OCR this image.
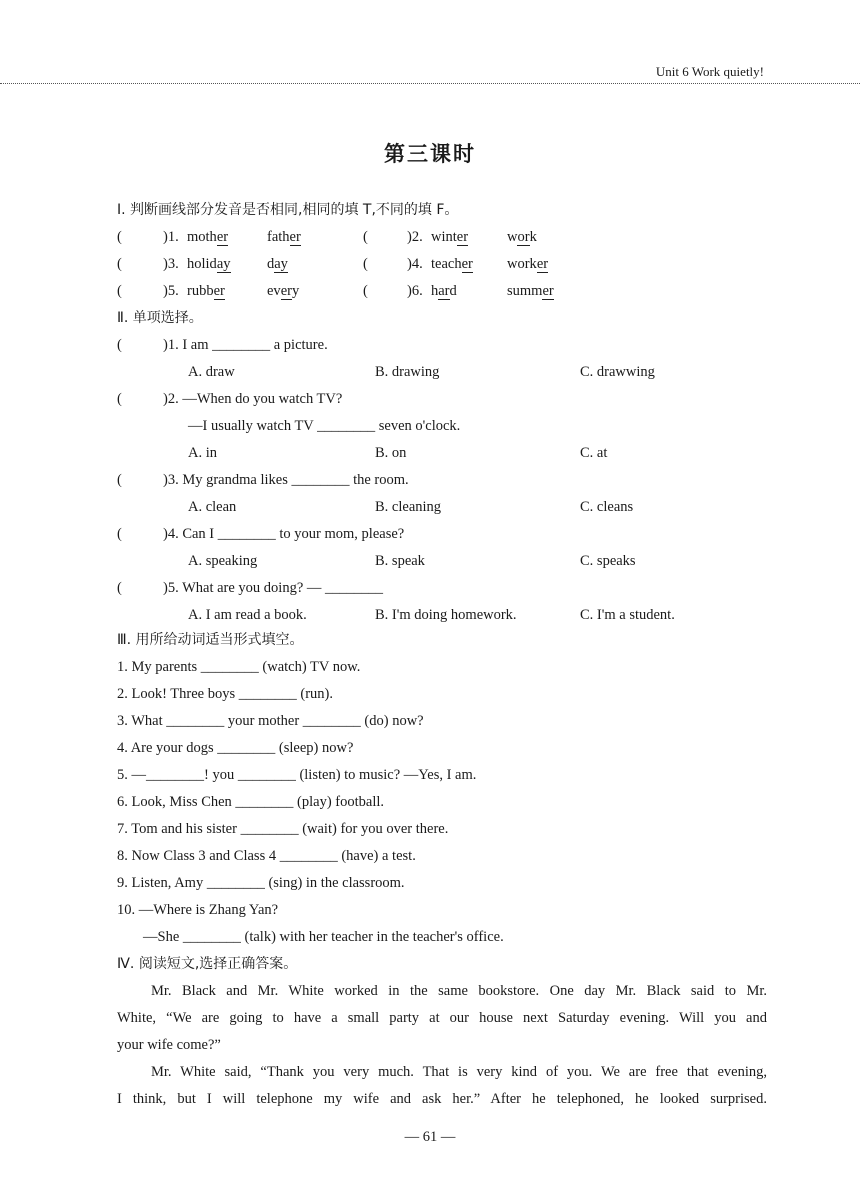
Unit 6 Work quietly!
第三课时
Ⅰ. 判断画线部分发音是否相同,相同的填 T,不同的填 F。
(	)1. mother	father	(	)2. winter	work
(	)3. holiday	day	(	)4. teacher worker
(	)5. rubber	every	(	)6. hard	summer
Ⅱ. 单项选择。
(	)1. I am ________ a picture.
A. draw	B. drawing	C. drawwing
(	)2. —When do you watch TV?
—I usually watch TV ________ seven o'clock.
A. in	B. on	C. at
(	)3. My grandma likes ________ the room.
A. clean	B. cleaning	C. cleans
(	)4. Can I ________ to your mom, please?
A. speaking	B. speak	C. speaks
(	)5. What are you doing? — ________
A. I am read a book.	B. I'm doing homework.	C. I'm a student.
Ⅲ. 用所给动词适当形式填空。
1. My parents ________ (watch) TV now.
2. Look! Three boys ________ (run).
3. What ________ your mother ________ (do) now?
4. Are your dogs ________ (sleep) now?
5. —________! you ________ (listen) to music? —Yes, I am.
6. Look, Miss Chen ________ (play) football.
7. Tom and his sister ________ (wait) for you over there.
8. Now Class 3 and Class 4 ________ (have) a test.
9. Listen, Amy ________ (sing) in the classroom.
10. —Where is Zhang Yan?
—She ________ (talk) with her teacher in the teacher's office.
Ⅳ. 阅读短文,选择正确答案。
Mr. Black and Mr. White worked in the same bookstore. One day Mr. Black said to Mr.
White, “We are going to have a small party at our house next Saturday evening. Will you and
your wife come?”
Mr. White said, “Thank you very much. That is very kind of you. We are free that evening,
I think, but I will telephone my wife and ask her.” After he telephoned, he looked surprised.
— 61 —
